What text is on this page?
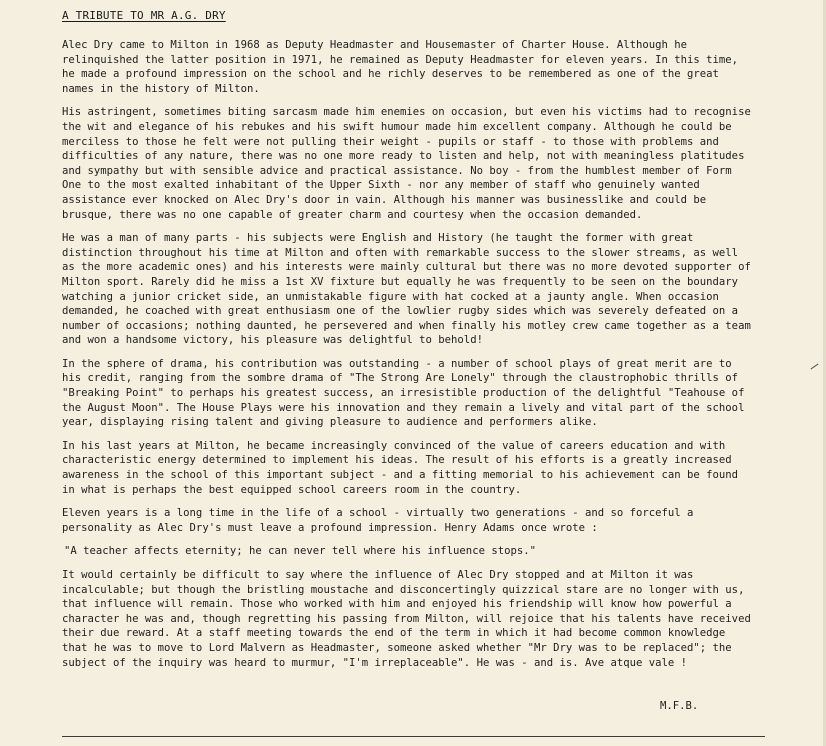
A TRIBUTE TO MR A.G. DRY

Alec Dry came to Milton in 1968 as Deputy Headmaster and Housemaster of Charter House. Although he relinquished the latter position in 1971, he remained as Deputy Headmaster for eleven years. In this time, he made a profound impression on the school and he richly deserves to be remembered as one of the great names in the history of Milton.

His astringent, sometimes biting sarcasm made him enemies on occasion, but even his victims had to recognise the wit and elegance of his rebukes and his swift humour made him excellent company. Although he could be merciless to those he felt were not pulling their weight - pupils or staff - to those with problems and difficulties of any nature, there was no one more ready to listen and help, not with meaningless platitudes and sympathy but with sensible advice and practical assistance. No boy - from the humblest member of Form One to the most exalted inhabitant of the Upper Sixth - nor any member of staff who genuinely wanted assistance ever knocked on Alec Dry's door in vain. Although his manner was businesslike and could be brusque, there was no one capable of greater charm and courtesy when the occasion demanded.

He was a man of many parts - his subjects were English and History (he taught the former with great distinction throughout his time at Milton and often with remarkable success to the slower streams, as well as the more academic ones) and his interests were mainly cultural but there was no more devoted supporter of Milton sport. Rarely did he miss a 1st XV fixture but equally he was frequently to be seen on the boundary watching a junior cricket side, an unmistakable figure with hat cocked at a jaunty angle. When occasion demanded, he coached with great enthusiasm one of the lowlier rugby sides which was severely defeated on a number of occasions; nothing daunted, he persevered and when finally his motley crew came together as a team and won a handsome victory, his pleasure was delightful to behold!

In the sphere of drama, his contribution was outstanding - a number of school plays of great merit are to his credit, ranging from the sombre drama of "The Strong Are Lonely" through the claustrophobic thrills of "Breaking Point" to perhaps his greatest success, an irresistible production of the delightful "Teahouse of the August Moon". The House Plays were his innovation and they remain a lively and vital part of the school year, displaying rising talent and giving pleasure to audience and performers alike.

In his last years at Milton, he became increasingly convinced of the value of careers education and with characteristic energy determined to implement his ideas. The result of his efforts is a greatly increased awareness in the school of this important subject - and a fitting memorial to his achievement can be found in what is perhaps the best equipped school careers room in the country.

Eleven years is a long time in the life of a school - virtually two generations - and so forceful a personality as Alec Dry's must leave a profound impression. Henry Adams once wrote :

"A teacher affects eternity; he can never tell where his influence stops."

It would certainly be difficult to say where the influence of Alec Dry stopped and at Milton it was incalculable; but though the bristling moustache and disconcertingly quizzical stare are no longer with us, that influence will remain. Those who worked with him and enjoyed his friendship will know how powerful a character he was and, though regretting his passing from Milton, will rejoice that his talents have received their due reward. At a staff meeting towards the end of the term in which it had become common knowledge that he was to move to Lord Malvern as Headmaster, someone asked whether "Mr Dry was to be replaced"; the subject of the inquiry was heard to murmur, "I'm irreplaceable". He was - and is. Ave atque vale !

M.F.B.
